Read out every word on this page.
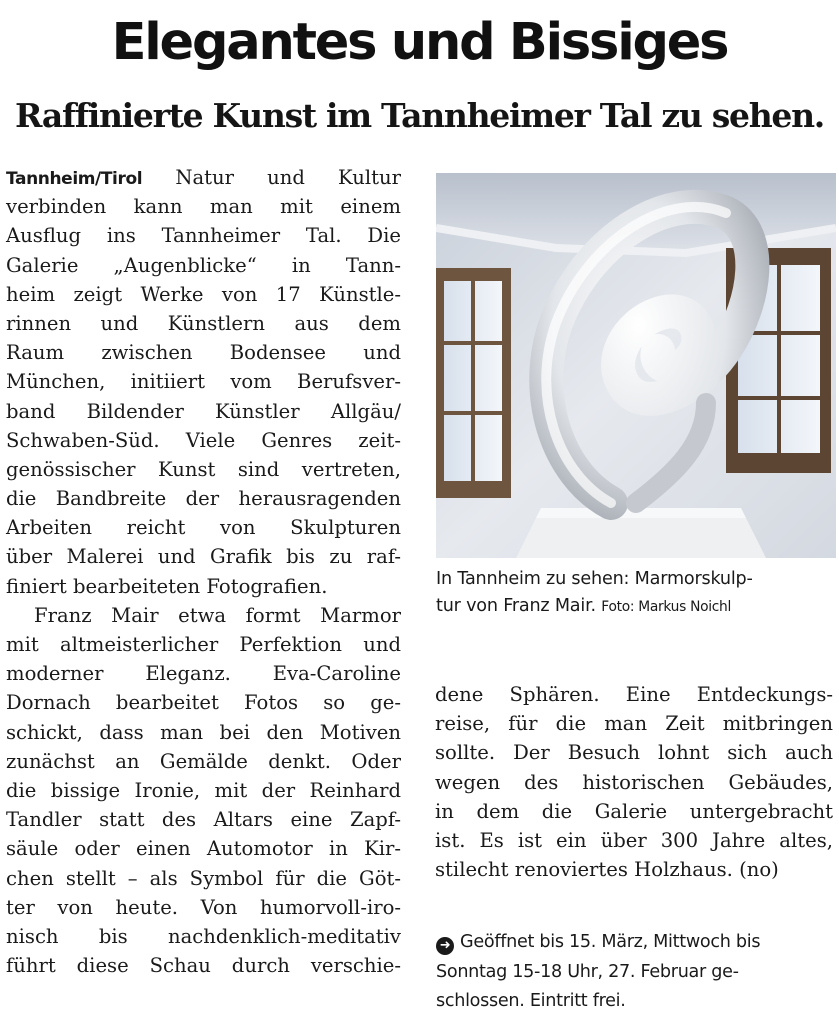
Elegantes und Bissiges
Raffinierte Kunst im Tannheimer Tal zu sehen.
Tannheim/Tirol Natur und Kultur
verbinden kann man mit einem
Ausflug ins Tannheimer Tal. Die
Galerie „Augenblicke“ in Tann-
heim zeigt Werke von 17 Künstle-
rinnen und Künstlern aus dem
Raum zwischen Bodensee und
München, initiiert vom Berufsver-
band Bildender Künstler Allgäu/
Schwaben-Süd. Viele Genres zeit-
genössischer Kunst sind vertreten,
die Bandbreite der herausragenden
Arbeiten reicht von Skulpturen
über Malerei und Grafik bis zu raf-
finiert bearbeiteten Fotografien.
Franz Mair etwa formt Marmor
mit altmeisterlicher Perfektion und
moderner Eleganz. Eva-Caroline
Dornach bearbeitet Fotos so ge-
schickt, dass man bei den Motiven
zunächst an Gemälde denkt. Oder
die bissige Ironie, mit der Reinhard
Tandler statt des Altars eine Zapf-
säule oder einen Automotor in Kir-
chen stellt – als Symbol für die Göt-
ter von heute. Von humorvoll-iro-
nisch bis nachdenklich-meditativ
führt diese Schau durch verschie-
In Tannheim zu sehen: Marmorskulp-
tur von Franz Mair. Foto: Markus Noichl
dene Sphären. Eine Entdeckungs-
reise, für die man Zeit mitbringen
sollte. Der Besuch lohnt sich auch
wegen des historischen Gebäudes,
in dem die Galerie untergebracht
ist. Es ist ein über 300 Jahre altes,
stilecht renoviertes Holzhaus. (no)
➜ Geöffnet bis 15. März, Mittwoch bis
Sonntag 15-18 Uhr, 27. Februar ge-
schlossen. Eintritt frei.
